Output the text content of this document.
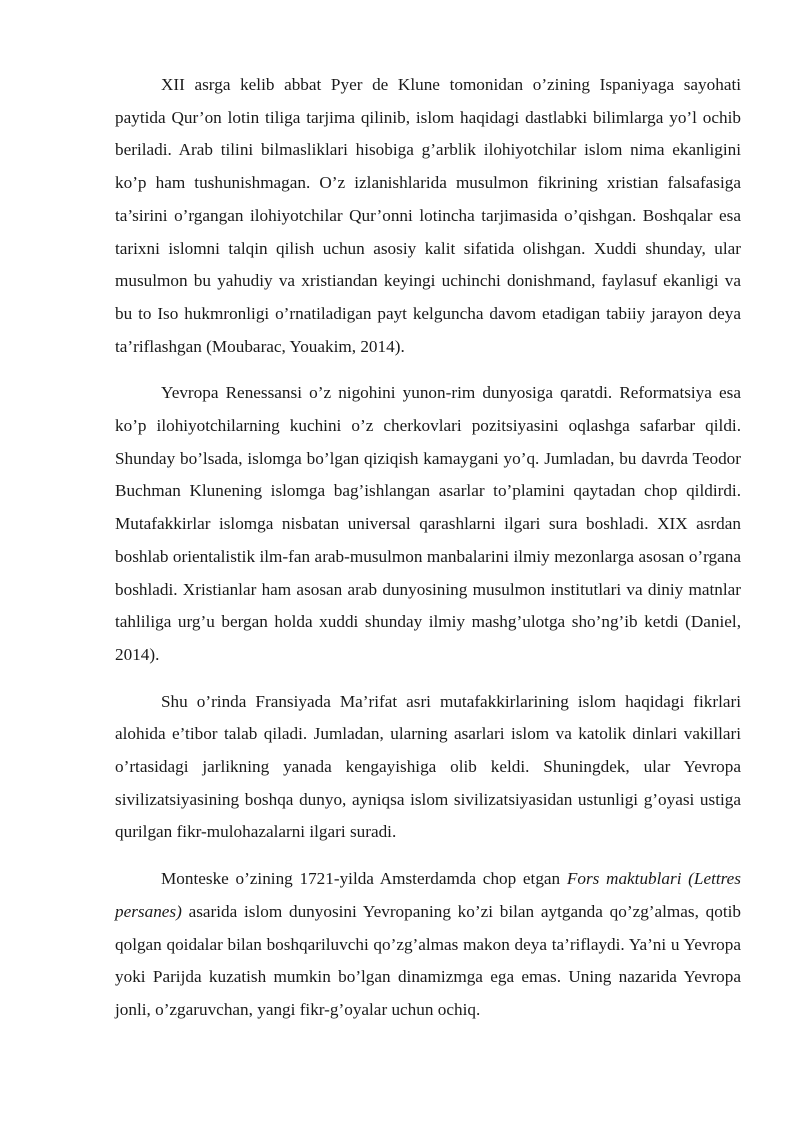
XII asrga kelib abbat Pyer de Klune tomonidan o’zining Ispaniyaga sayohati paytida Qur’on lotin tiliga tarjima qilinib, islom haqidagi dastlabki bilimlarga yo’l ochib beriladi. Arab tilini bilmasliklari hisobiga g’arblik ilohiyotchilar islom nima ekanligini ko’p ham tushunishmagan. O’z izlanishlarida musulmon fikrining xristian falsafasiga ta’sirini o’rgangan ilohiyotchilar Qur’onni lotincha tarjimasida o’qishgan. Boshqalar esa tarixni islomni talqin qilish uchun asosiy kalit sifatida olishgan. Xuddi shunday, ular musulmon bu yahudiy va xristiandan keyingi uchinchi donishmand, faylasuf ekanligi va bu to Iso hukmronligi o’rnatiladigan payt kelguncha davom etadigan tabiiy jarayon deya ta’riflashgan (Moubarac, Youakim, 2014).

Yevropa Renessansi o’z nigohini yunon-rim dunyosiga qaratdi. Reformatsiya esa ko’p ilohiyotchilarning kuchini o’z cherkovlari pozitsiyasini oqlashga safarbar qildi. Shunday bo’lsada, islomga bo’lgan qiziqish kamaygani yo’q. Jumladan, bu davrda Teodor Buchman Klunening islomga bag’ishlangan asarlar to’plamini qaytadan chop qildirdi. Mutafakkirlar islomga nisbatan universal qarashlarni ilgari sura boshladi. XIX asrdan boshlab orientalistik ilm-fan arab-musulmon manbalarini ilmiy mezonlarga asosan o’rgana boshladi. Xristianlar ham asosan arab dunyosining musulmon institutlari va diniy matnlar tahliliga urg’u bergan holda xuddi shunday ilmiy mashg’ulotga sho’ng’ib ketdi (Daniel, 2014).

Shu o’rinda Fransiyada Ma’rifat asri mutafakkirlarining islom haqidagi fikrlari alohida e’tibor talab qiladi. Jumladan, ularning asarlari islom va katolik dinlari vakillari o’rtasidagi jarlikning yanada kengayishiga olib keldi. Shuningdek, ular Yevropa sivilizatsiyasining boshqa dunyo, ayniqsa islom sivilizatsiyasidan ustunligi g’oyasi ustiga qurilgan fikr-mulohazalarni ilgari suradi.

Monteske o’zining 1721-yilda Amsterdamda chop etgan Fors maktublari (Lettres persanes) asarida islom dunyosini Yevropaning ko’zi bilan aytganda qo’zg’almas, qotib qolgan qoidalar bilan boshqariluvchi qo’zg’almas makon deya ta’riflaydi. Ya’ni u Yevropa yoki Parijda kuzatish mumkin bo’lgan dinamizmga ega emas. Uning nazarida Yevropa jonli, o’zgaruvchan, yangi fikr-g’oyalar uchun ochiq.
